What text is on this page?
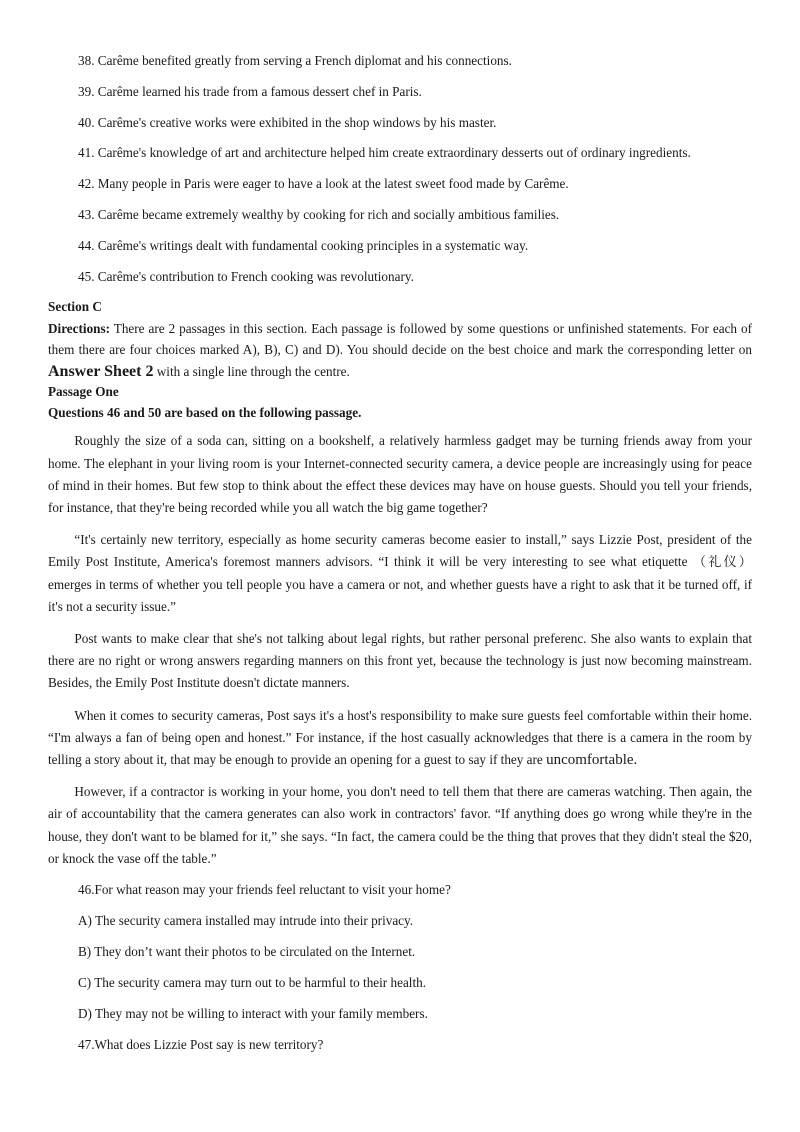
38. Carême benefited greatly from serving a French diplomat and his connections.

39. Carême learned his trade from a famous dessert chef in Paris.

40. Carême's creative works were exhibited in the shop windows by his master.

41. Carême's knowledge of art and architecture helped him create extraordinary desserts out of ordinary ingredients.

42. Many people in Paris were eager to have a look at the latest sweet food made by Carême.

43. Carême became extremely wealthy by cooking for rich and socially ambitious families.

44. Carême's writings dealt with fundamental cooking principles in a systematic way.

45. Carême's contribution to French cooking was revolutionary.

Section C

Directions: There are 2 passages in this section. Each passage is followed by some questions or unfinished statements. For each of them there are four choices marked A), B), C) and D). You should decide on the best choice and mark the corresponding letter on Answer Sheet 2 with a single line through the centre.

Passage One

Questions 46 and 50 are based on the following passage.

Roughly the size of a soda can, sitting on a bookshelf, a relatively harmless gadget may be turning friends away from your home. The elephant in your living room is your Internet-connected security camera, a device people are increasingly using for peace of mind in their homes. But few stop to think about the effect these devices may have on house guests. Should you tell your friends, for instance, that they're being recorded while you all watch the big game together?

“It's certainly new territory, especially as home security cameras become easier to install,” says Lizzie Post, president of the Emily Post Institute, America's foremost manners advisors. “I think it will be very interesting to see what etiquette （礼仪） emerges in terms of whether you tell people you have a camera or not, and whether guests have a right to ask that it be turned off, if it's not a security issue.”

Post wants to make clear that she's not talking about legal rights, but rather personal preferenc. She also wants to explain that there are no right or wrong answers regarding manners on this front yet, because the technology is just now becoming mainstream. Besides, the Emily Post Institute doesn't dictate manners.

When it comes to security cameras, Post says it's a host's responsibility to make sure guests feel comfortable within their home. “I'm always a fan of being open and honest.” For instance, if the host casually acknowledges that there is a camera in the room by telling a story about it, that may be enough to provide an opening for a guest to say if they are uncomfortable.

However, if a contractor is working in your home, you don't need to tell them that there are cameras watching. Then again, the air of accountability that the camera generates can also work in contractors' favor. “If anything does go wrong while they're in the house, they don't want to be blamed for it,” she says. “In fact, the camera could be the thing that proves that they didn't steal the $20, or knock the vase off the table.”

46.For what reason may your friends feel reluctant to visit your home?

A) The security camera installed may intrude into their privacy.

B) They don’t want their photos to be circulated on the Internet.

C) The security camera may turn out to be harmful to their health.

D) They may not be willing to interact with your family members.

47.What does Lizzie Post say is new territory?
